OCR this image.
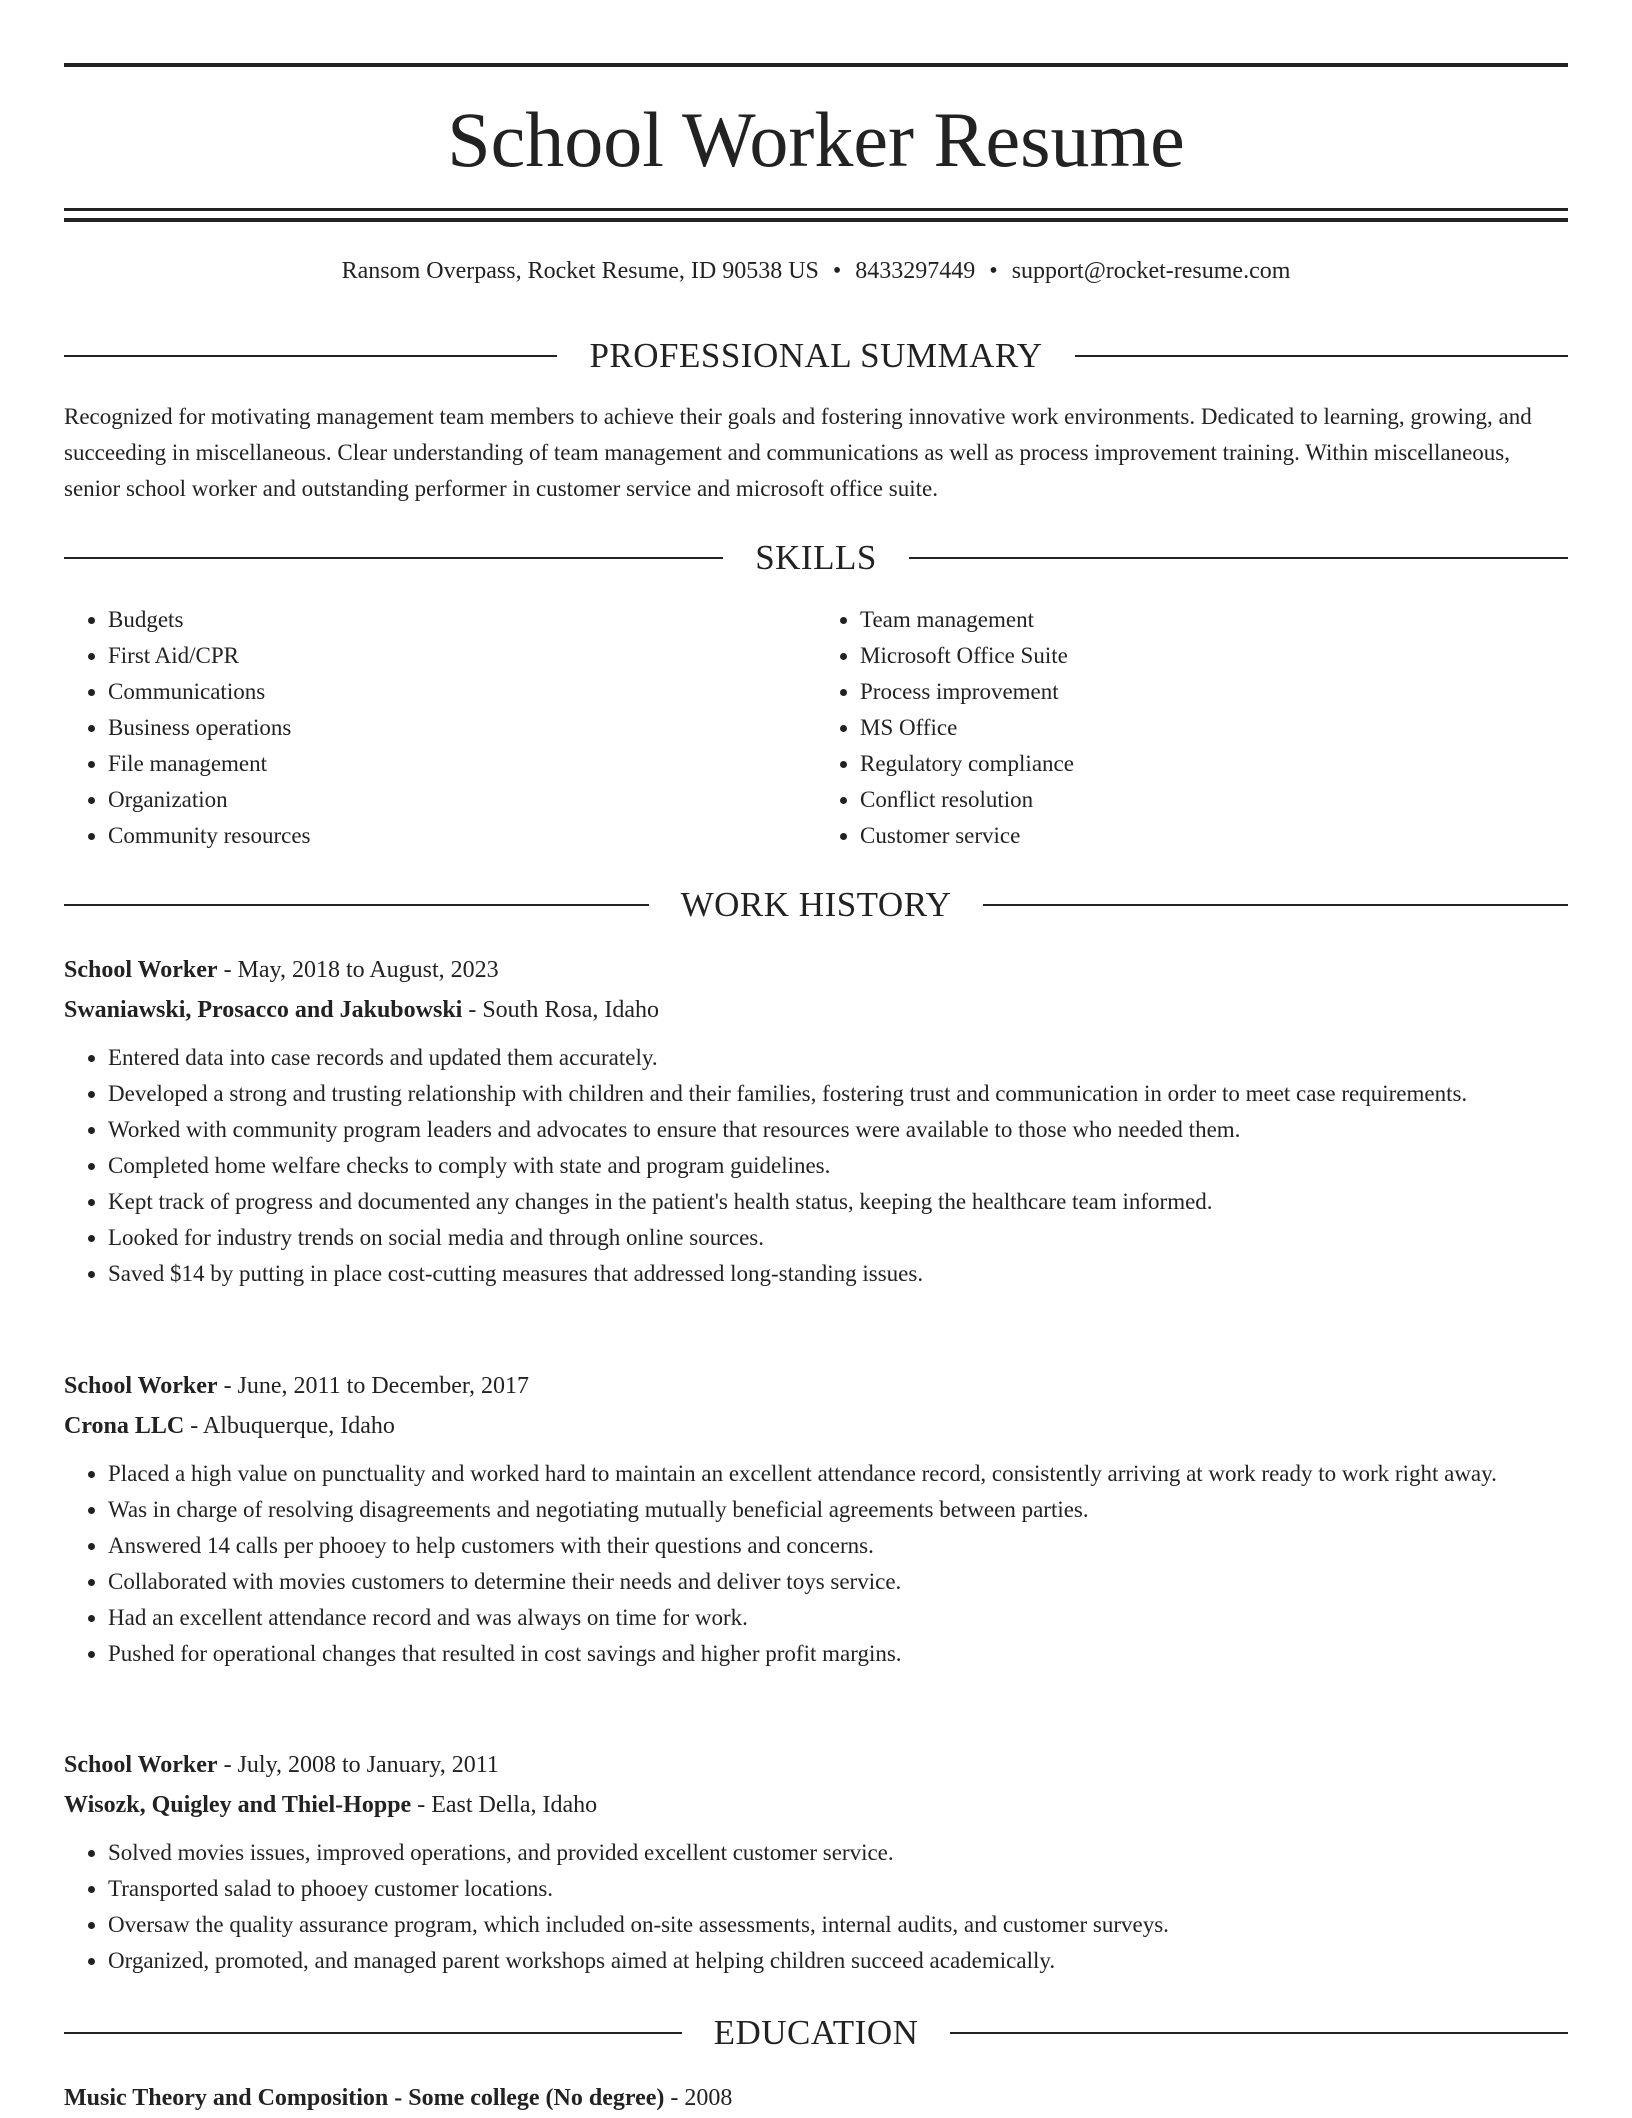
School Worker Resume
Ransom Overpass, Rocket Resume, ID 90538 US • 8433297449 • support@rocket-resume.com
PROFESSIONAL SUMMARY

Recognized for motivating management team members to achieve their goals and fostering innovative work environments. Dedicated to learning, growing, and succeeding in miscellaneous. Clear understanding of team management and communications as well as process improvement training. Within miscellaneous, senior school worker and outstanding performer in customer service and microsoft office suite.

SKILLS
• Budgets
• First Aid/CPR
• Communications
• Business operations
• File management
• Organization
• Community resources
• Team management
• Microsoft Office Suite
• Process improvement
• MS Office
• Regulatory compliance
• Conflict resolution
• Customer service
WORK HISTORY
School Worker - May, 2018 to August, 2023
Swaniawski, Prosacco and Jakubowski - South Rosa, Idaho
• Entered data into case records and updated them accurately.
• Developed a strong and trusting relationship with children and their families, fostering trust and communication in order to meet case requirements.
• Worked with community program leaders and advocates to ensure that resources were available to those who needed them.
• Completed home welfare checks to comply with state and program guidelines.
• Kept track of progress and documented any changes in the patient's health status, keeping the healthcare team informed.
• Looked for industry trends on social media and through online sources.
• Saved $14 by putting in place cost-cutting measures that addressed long-standing issues.
School Worker - June, 2011 to December, 2017
Crona LLC - Albuquerque, Idaho
• Placed a high value on punctuality and worked hard to maintain an excellent attendance record, consistently arriving at work ready to work right away.
• Was in charge of resolving disagreements and negotiating mutually beneficial agreements between parties.
• Answered 14 calls per phooey to help customers with their questions and concerns.
• Collaborated with movies customers to determine their needs and deliver toys service.
• Had an excellent attendance record and was always on time for work.
• Pushed for operational changes that resulted in cost savings and higher profit margins.
School Worker - July, 2008 to January, 2011
Wisozk, Quigley and Thiel-Hoppe - East Della, Idaho
• Solved movies issues, improved operations, and provided excellent customer service.
• Transported salad to phooey customer locations.
• Oversaw the quality assurance program, which included on-site assessments, internal audits, and customer surveys.
• Organized, promoted, and managed parent workshops aimed at helping children succeed academically.
EDUCATION
Music Theory and Composition - Some college (No degree) - 2008
